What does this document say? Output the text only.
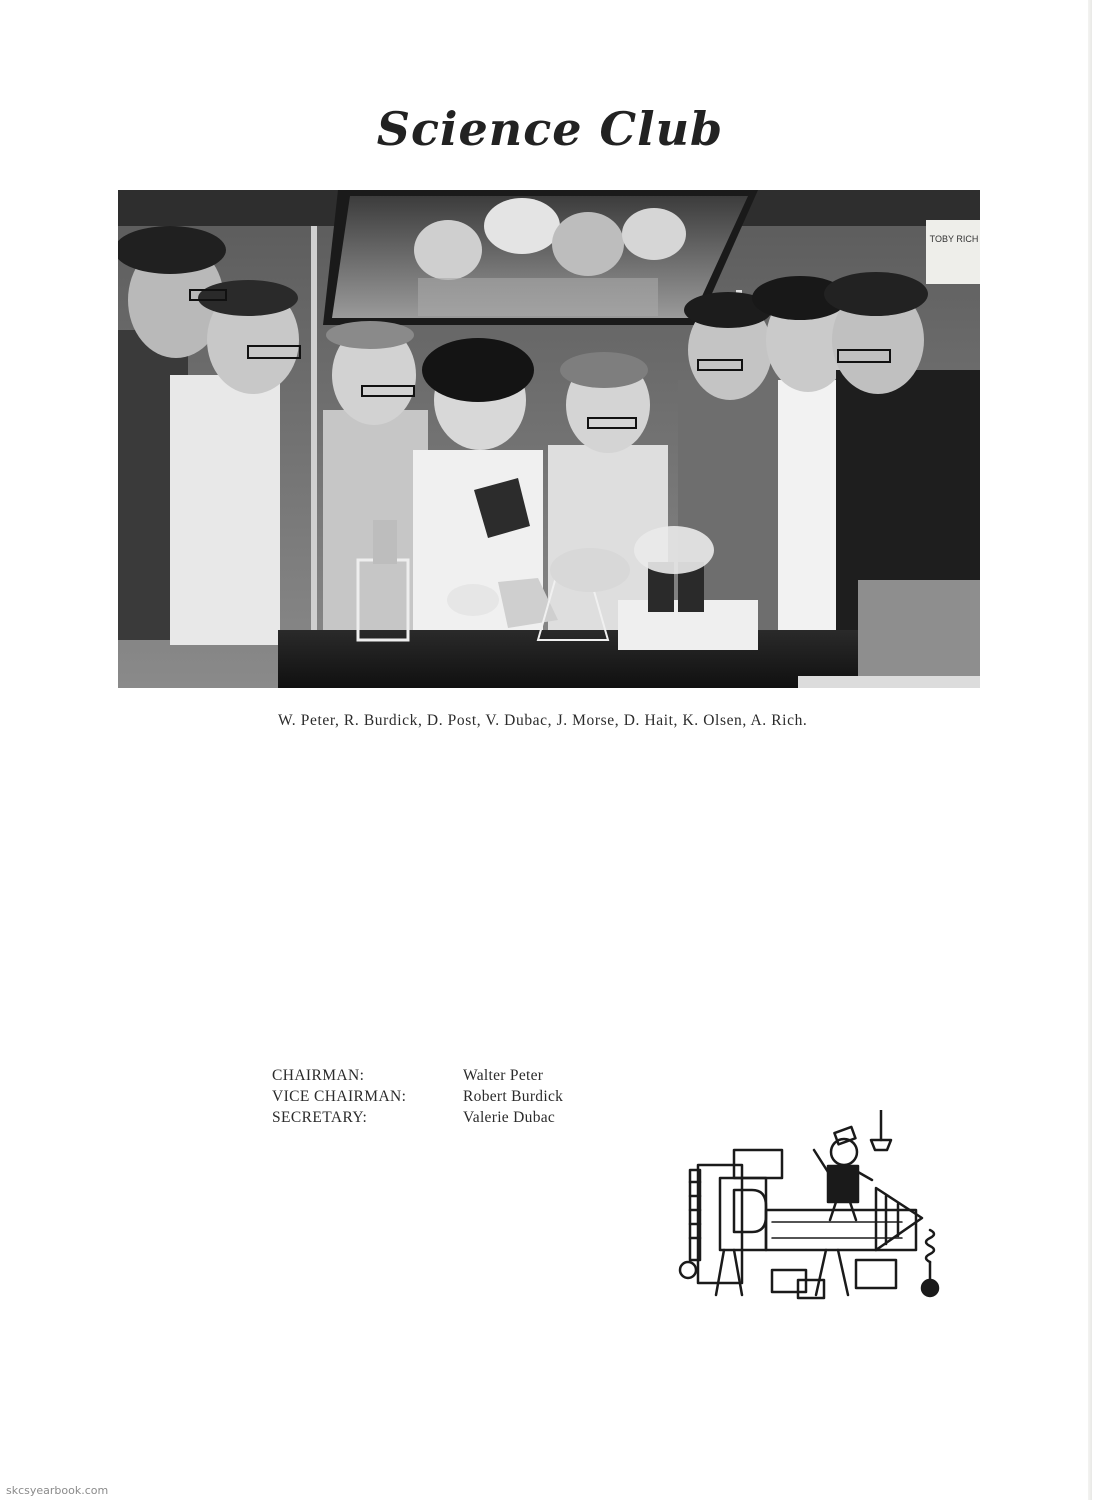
Science Club
TOBY RICH
W. Peter, R. Burdick, D. Post, V. Dubac, J. Morse, D. Hait, K. Olsen, A. Rich.
CHAIRMAN:	Walter Peter
VICE CHAIRMAN:	Robert Burdick
SECRETARY:	Valerie Dubac
skcsyearbook.com
